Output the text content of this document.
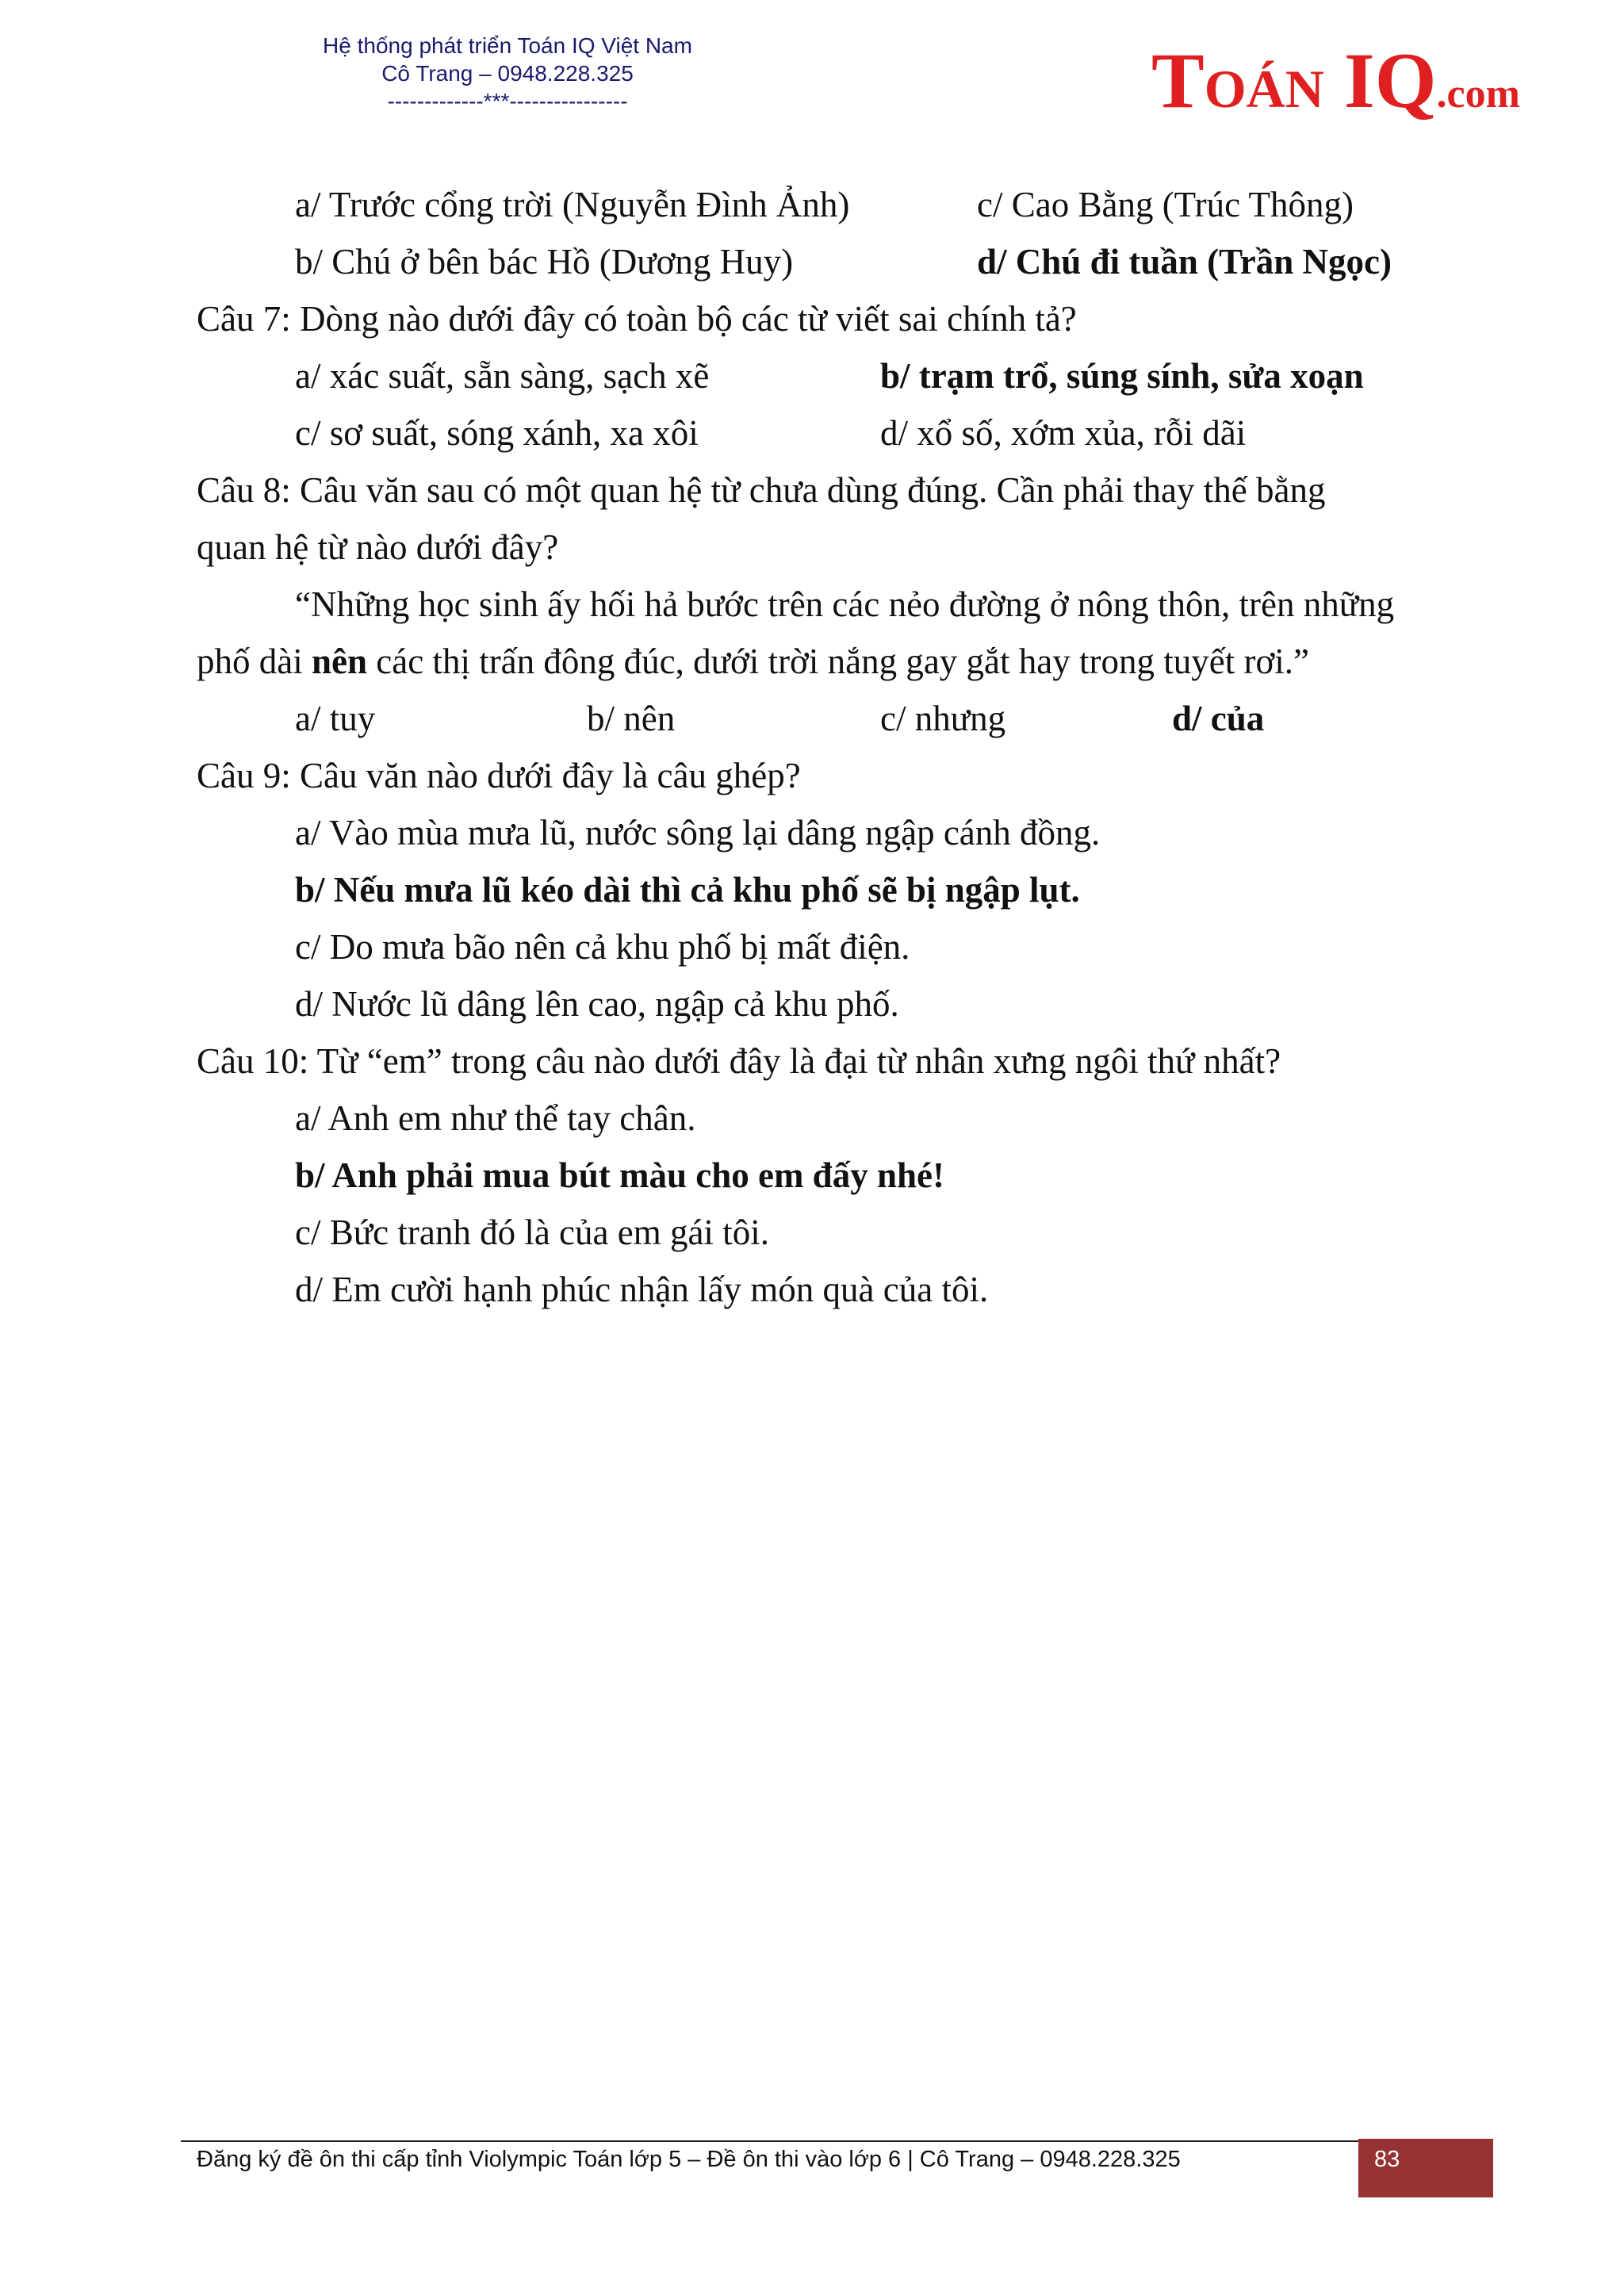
Hệ thống phát triển Toán IQ Việt Nam
Cô Trang – 0948.228.325
-------------***----------------	TOÁN IQ.com
a/ Trước cổng trời (Nguyễn Đình Ảnh)	c/ Cao Bằng (Trúc Thông)
b/ Chú ở bên bác Hồ (Dương Huy)	d/ Chú đi tuần (Trần Ngọc)
Câu 7: Dòng nào dưới đây có toàn bộ các từ viết sai chính tả?
a/ xác suất, sẵn sàng, sạch xẽ	b/ trạm trổ, súng sính, sửa xoạn
c/ sơ suất, sóng xánh, xa xôi	d/ xổ số, xớm xủa, rỗi dãi
Câu 8: Câu văn sau có một quan hệ từ chưa dùng đúng. Cần phải thay thế bằng
quan hệ từ nào dưới đây?
“Những học sinh ấy hối hả bước trên các nẻo đường ở nông thôn, trên những
phố dài nên các thị trấn đông đúc, dưới trời nắng gay gắt hay trong tuyết rơi.”
a/ tuy	b/ nên	c/ nhưng	d/ của
Câu 9: Câu văn nào dưới đây là câu ghép?
a/ Vào mùa mưa lũ, nước sông lại dâng ngập cánh đồng.
b/ Nếu mưa lũ kéo dài thì cả khu phố sẽ bị ngập lụt.
c/ Do mưa bão nên cả khu phố bị mất điện.
d/ Nước lũ dâng lên cao, ngập cả khu phố.
Câu 10: Từ “em” trong câu nào dưới đây là đại từ nhân xưng ngôi thứ nhất?
a/ Anh em như thể tay chân.
b/ Anh phải mua bút màu cho em đấy nhé!
c/ Bức tranh đó là của em gái tôi.
d/ Em cười hạnh phúc nhận lấy món quà của tôi.
Đăng ký đề ôn thi cấp tỉnh Violympic Toán lớp 5 – Đề ôn thi vào lớp 6 | Cô Trang – 0948.228.325	83
